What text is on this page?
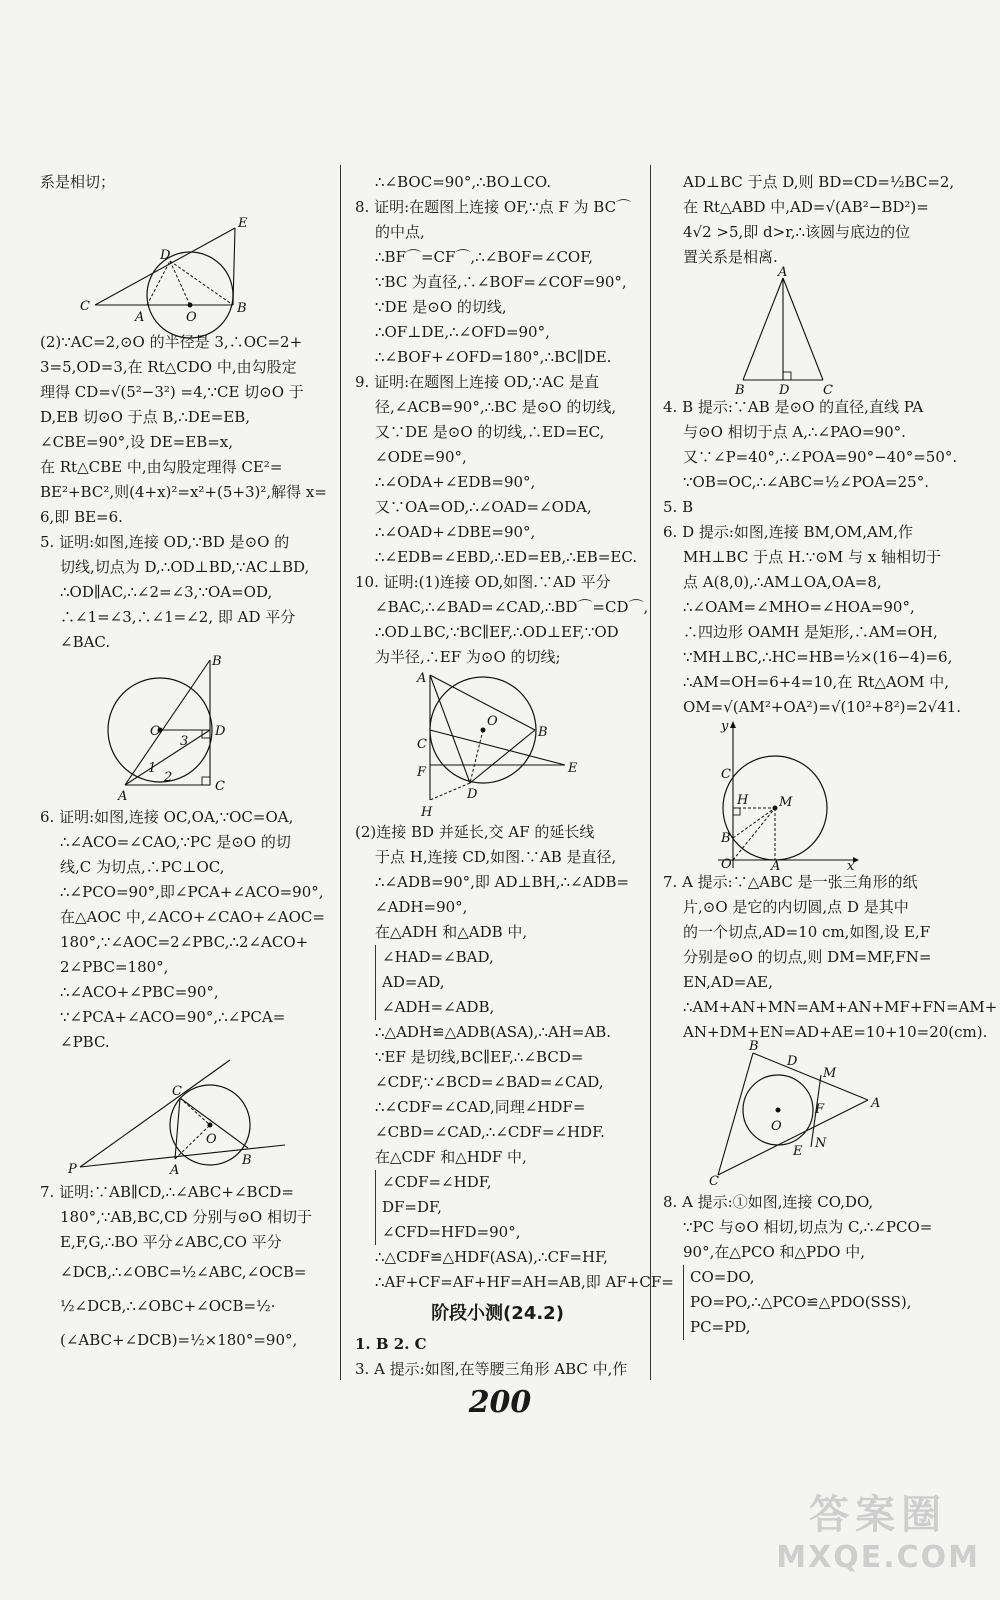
系是相切；

C
A	O
B
D
E

(2)∵AC=2,⊙O 的半径是 3,∴OC=2+

3=5,OD=3,在 Rt△CDO 中,由勾股定

理得 CD=√(5²−3²) =4,∵CE 切⊙O 于

D,EB 切⊙O 于点 B,∴DE=EB,

∠CBE=90°,设 DE=EB=x,

在 Rt△CBE 中,由勾股定理得 CE²=

BE²+BC²,则(4+x)²=x²+(5+3)²,解得 x=

6,即 BE=6.

5. 证明:如图,连接 OD,∵BD 是⊙O 的

切线,切点为 D,∴OD⊥BD,∵AC⊥BD,

∴OD∥AC,∴∠2=∠3,∵OA=OD,

∴∠1=∠3,∴∠1=∠2, 即 AD 平分

∠BAC.

B
O	D
C
A
1
2
3

6. 证明:如图,连接 OC,OA,∵OC=OA,

∴∠ACO=∠CAO,∵PC 是⊙O 的切

线,C 为切点,∴PC⊥OC,

∴∠PCO=90°,即∠PCA+∠ACO=90°,

在△AOC 中,∠ACO+∠CAO+∠AOC=

180°,∵∠AOC=2∠PBC,∴2∠ACO+

2∠PBC=180°,

∴∠ACO+∠PBC=90°,

∵∠PCA+∠ACO=90°,∴∠PCA=

∠PBC.

P
C
A
O
B

7. 证明:∵AB∥CD,∴∠ABC+∠BCD=

180°,∵AB,BC,CD 分别与⊙O 相切于

E,F,G,∴BO 平分∠ABC,CO 平分

∠DCB,∴∠OBC=½∠ABC,∠OCB=

½∠DCB,∴∠OBC+∠OCB=½·

(∠ABC+∠DCB)=½×180°=90°,

∴∠BOC=90°,∴BO⊥CO.

8. 证明:在题图上连接 OF,∵点 F 为 BC⌒

的中点,

∴BF⌒=CF⌒,∴∠BOF=∠COF,

∵BC 为直径,∴∠BOF=∠COF=90°,

∵DE 是⊙O 的切线,

∴OF⊥DE,∴∠OFD=90°,

∴∠BOF+∠OFD=180°,∴BC∥DE.

9. 证明:在题图上连接 OD,∵AC 是直

径,∠ACB=90°,∴BC 是⊙O 的切线,

又∵DE 是⊙O 的切线,∴ED=EC,

∠ODE=90°,

∴∠ODA+∠EDB=90°,

又∵OA=OD,∴∠OAD=∠ODA,

∴∠OAD+∠DBE=90°,

∴∠EDB=∠EBD,∴ED=EB,∴EB=EC.

10. 证明:(1)连接 OD,如图.∵AD 平分

∠BAC,∴∠BAD=∠CAD,∴BD⌒=CD⌒,

∴OD⊥BC,∵BC∥EF,∴OD⊥EF,∵OD

为半径,∴EF 为⊙O 的切线;

A
O
B
C
F
D
E
H

(2)连接 BD 并延长,交 AF 的延长线

于点 H,连接 CD,如图.∵AB 是直径,

∴∠ADB=90°,即 AD⊥BH,∴∠ADB=

∠ADH=90°,

在△ADH 和△ADB 中,

∠HAD=∠BAD,

AD=AD,

∠ADH=∠ADB,

∴△ADH≌△ADB(ASA),∴AH=AB.

∵EF 是切线,BC∥EF,∴∠BCD=

∠CDF,∵∠BCD=∠BAD=∠CAD,

∴∠CDF=∠CAD,同理∠HDF=

∠CBD=∠CAD,∴∠CDF=∠HDF.

在△CDF 和△HDF 中,

∠CDF=∠HDF,

DF=DF,

∠CFD=HFD=90°,

∴△CDF≌△HDF(ASA),∴CF=HF,

∴AF+CF=AF+HF=AH=AB,即 AF+CF=

阶段小测(24.2)

1. B 2. C

3. A 提示:如图,在等腰三角形 ABC 中,作

AD⊥BC 于点 D,则 BD=CD=½BC=2,

在 Rt△ABD 中,AD=√(AB²−BD²)=

4√2 >5,即 d>r,∴该圆与底边的位

置关系是相离.

A
B	D	C

4. B 提示:∵AB 是⊙O 的直径,直线 PA

与⊙O 相切于点 A,∴∠PAO=90°.

又∵∠P=40°,∴∠POA=90°−40°=50°.

∵OB=OC,∴∠ABC=½∠POA=25°.

5. B

6. D 提示:如图,连接 BM,OM,AM,作

MH⊥BC 于点 H.∵⊙M 与 x 轴相切于

点 A(8,0),∴AM⊥OA,OA=8,

∴∠OAM=∠MHO=∠HOA=90°,

∴四边形 OAMH 是矩形,∴AM=OH,

∵MH⊥BC,∴HC=HB=½×(16−4)=6,

∴AM=OH=6+4=10,在 Rt△AOM 中,

OM=√(AM²+OA²)=√(10²+8²)=2√41.

y
C
H M
B
O	A	x

7. A 提示:∵△ABC 是一张三角形的纸

片,⊙O 是它的内切圆,点 D 是其中

的一个切点,AD=10 cm,如图,设 E,F

分别是⊙O 的切点,则 DM=MF,FN=

EN,AD=AE,

∴AM+AN+MN=AM+AN+MF+FN=AM+

AN+DM+EN=AD+AE=10+10=20(cm).

B
D
M
A
F
O
E
N
C

8. A 提示:①如图,连接 CO,DO,

∵PC 与⊙O 相切,切点为 C,∴∠PCO=

90°,在△PCO 和△PDO 中,

CO=DO,

PO=PO,∴△PCO≌△PDO(SSS),

PC=PD,

200
答案圈
MXQE.COM
